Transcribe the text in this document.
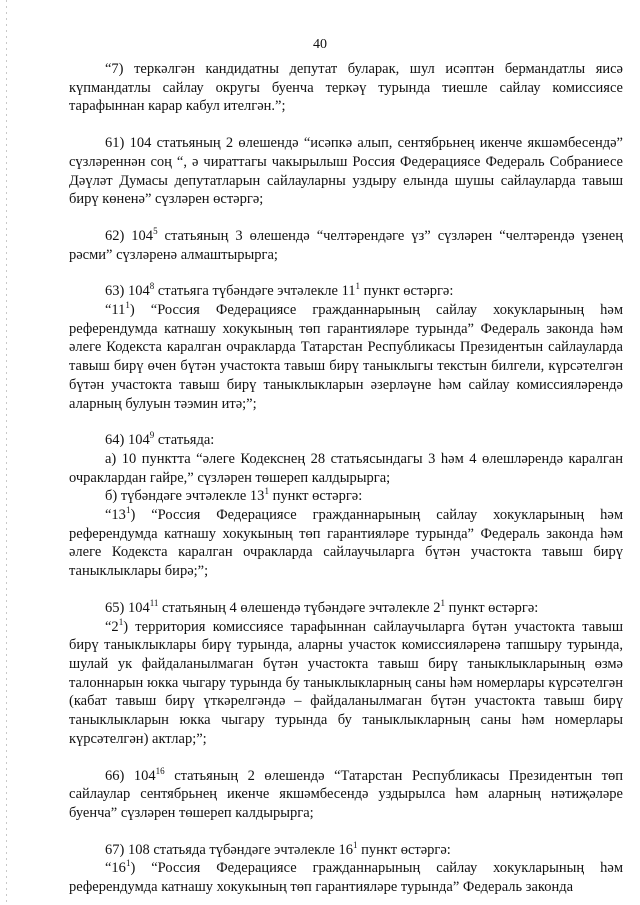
40

“7) теркәлгән кандидатны депутат буларак, шул исәптән бермандатлы яисә күпмандатлы сайлау округы буенча теркәү турында тиешле сайлау комиссиясе тарафыннан карар кабул ителгән.”;

61) 104 статьяның 2 өлешендә “исәпкә алып, сентябрьнең икенче якшәмбесендә” сүзләреннән соң “, ә чираттагы чакырылыш Россия Федерациясе Федераль Собраниесе Дәүләт Думасы депутатларын сайлауларны уздыру елында шушы сайлауларда тавыш бирү көненә” сүзләрен өстәргә;

62) $104^5$ статьяның 3 өлешендә “челтәрендәге үз” сүзләрен “челтәрендә үзенең рәсми” сүзләренә алмаштырырга;

63) $104^8$ статьяга түбәндәге эчтәлекле $11^1$ пункт өстәргә:

“$11^1$) “Россия Федерациясе гражданнарының сайлау хокукларының һәм референдумда катнашу хокукының төп гарантияләре турында” Федераль законда һәм әлеге Кодекста каралган очракларда Татарстан Республикасы Президентын сайлауларда тавыш бирү өчен бүтән участокта тавыш бирү таныклыгы текстын билгели, күрсәтелгән бүтән участокта тавыш бирү таныклыкларын әзерләүне һәм сайлау комиссияләрендә аларның булуын тәэмин итә;”;

64) $104^9$ статьяда:

а) 10 пунктта “әлеге Кодекснең 28 статьясындагы 3 һәм 4 өлешләрендә каралган очраклардан гайре,” сүзләрен төшереп калдырырга;

б) түбәндәге эчтәлекле $13^1$ пункт өстәргә:

“$13^1$) “Россия Федерациясе гражданнарының сайлау хокукларының һәм референдумда катнашу хокукының төп гарантияләре турында” Федераль законда һәм әлеге Кодекста каралган очракларда сайлаучыларга бүтән участокта тавыш бирү таныклыклары бирә;”;

65) $104^{11}$ статьяның 4 өлешендә түбәндәге эчтәлекле $2^1$ пункт өстәргә:

“$2^1$) территория комиссиясе тарафыннан сайлаучыларга бүтән участокта тавыш бирү таныклыклары бирү турында, аларны участок комиссияләренә тапшыру турында, шулай ук файдаланылмаган бүтән участокта тавыш бирү таныклыкларының өзмә талоннарын юкка чыгару турында бу таныклыкларның саны һәм номерлары күрсәтелгән (кабат тавыш бирү үткәрелгәндә – файдаланылмаган бүтән участокта тавыш бирү таныклыкларын юкка чыгару турында бу таныклыкларның саны һәм номерлары күрсәтелгән) актлар;”;

66) $104^{16}$ статьяның 2 өлешендә “Татарстан Республикасы Президентын төп сайлаулар сентябрьнең икенче якшәмбесендә уздырылса һәм аларның нәтиҗәләре буенча” сүзләрен төшереп калдырырга;

67) 108 статьяда түбәндәге эчтәлекле $16^1$ пункт өстәргә:

“$16^1$) “Россия Федерациясе гражданнарының сайлау хокукларының һәм референдумда катнашу хокукының төп гарантияләре турында” Федераль законда
